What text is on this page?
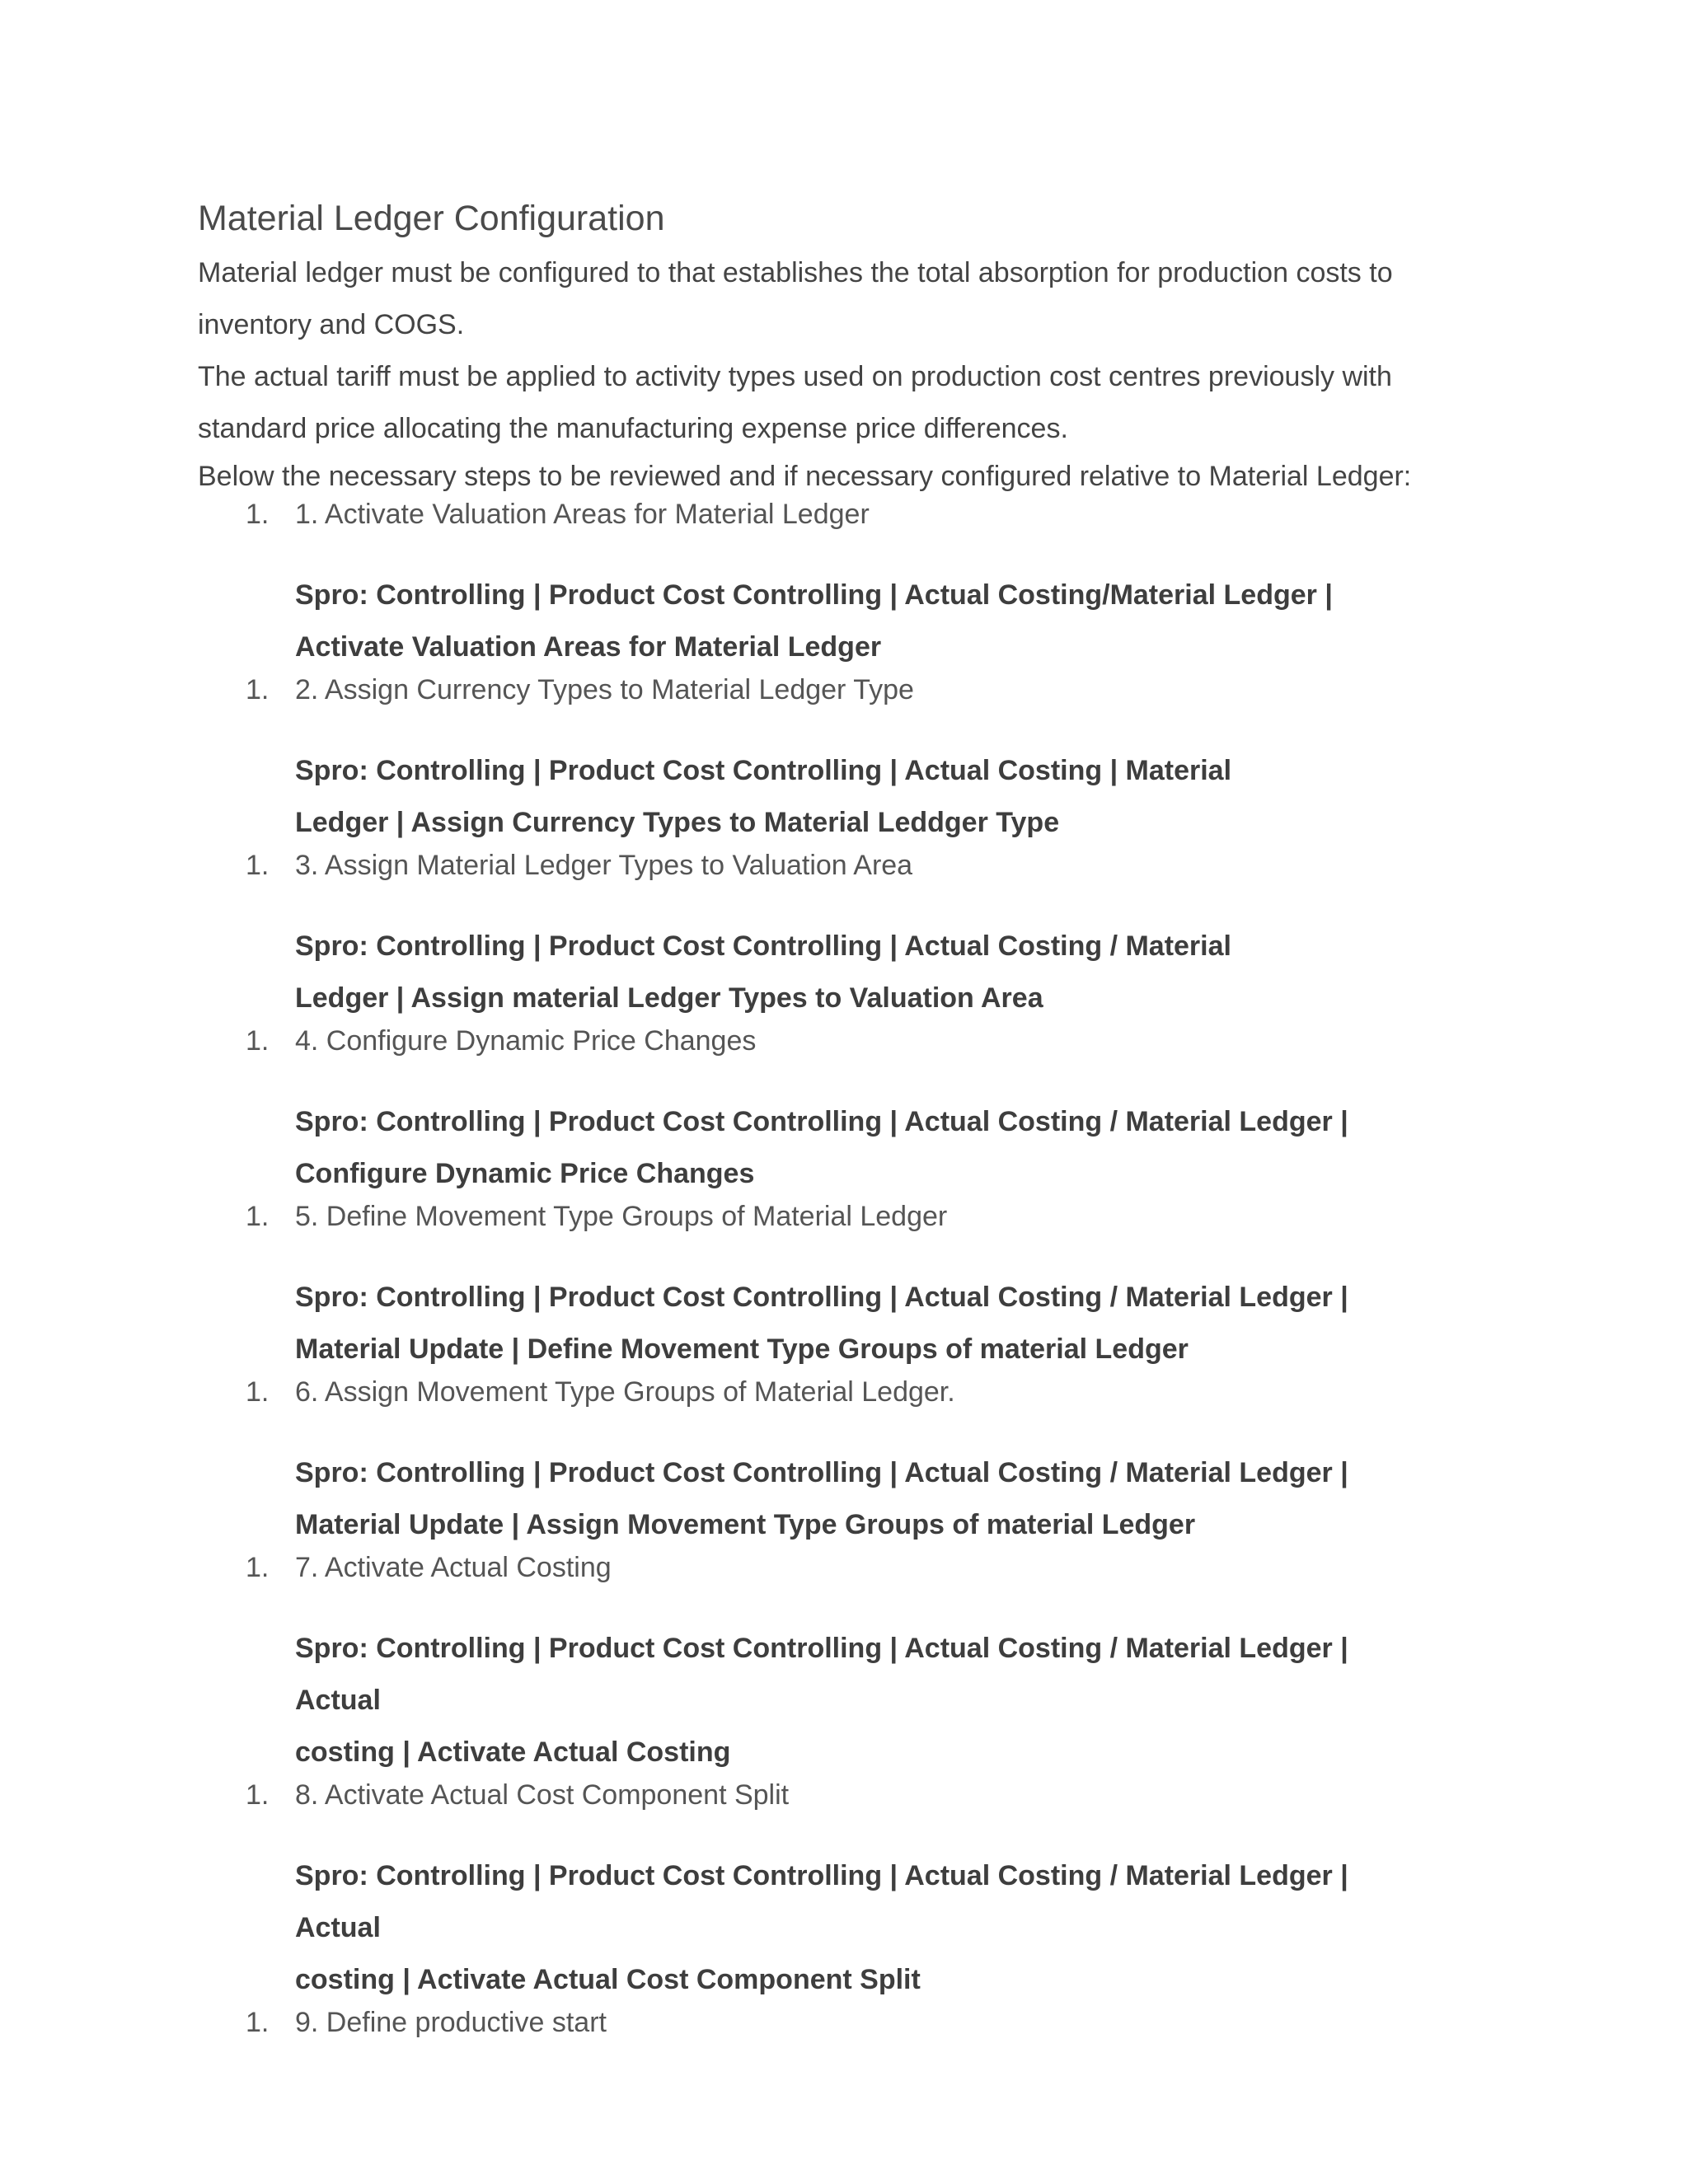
Material Ledger Configuration

Material ledger must be configured to that establishes the total absorption for production costs to

inventory and COGS.

The actual tariff must be applied to activity types used on production cost centres previously with

standard price allocating the manufacturing expense price differences.

Below the necessary steps to be reviewed and if necessary configured relative to Material Ledger:

1. 1. Activate Valuation Areas for Material Ledger
Spro: Controlling | Product Cost Controlling | Actual Costing/Material Ledger |
Activate Valuation Areas for Material Ledger
1. 2. Assign Currency Types to Material Ledger Type
Spro: Controlling | Product Cost Controlling | Actual Costing | Material
Ledger | Assign Currency Types to Material Leddger Type
1. 3. Assign Material Ledger Types to Valuation Area
Spro: Controlling | Product Cost Controlling | Actual Costing / Material
Ledger | Assign material Ledger Types to Valuation Area
1. 4. Configure Dynamic Price Changes
Spro: Controlling | Product Cost Controlling | Actual Costing / Material Ledger |
Configure Dynamic Price Changes
1. 5. Define Movement Type Groups of Material Ledger
Spro: Controlling | Product Cost Controlling | Actual Costing / Material Ledger |
Material Update | Define Movement Type Groups of material Ledger
1. 6. Assign Movement Type Groups of Material Ledger.
Spro: Controlling | Product Cost Controlling | Actual Costing / Material Ledger |
Material Update | Assign Movement Type Groups of material Ledger
1. 7. Activate Actual Costing
Spro: Controlling | Product Cost Controlling | Actual Costing / Material Ledger | Actual
costing | Activate Actual Costing
1. 8. Activate Actual Cost Component Split
Spro: Controlling | Product Cost Controlling | Actual Costing / Material Ledger | Actual
costing | Activate Actual Cost Component Split
1. 9. Define productive start
